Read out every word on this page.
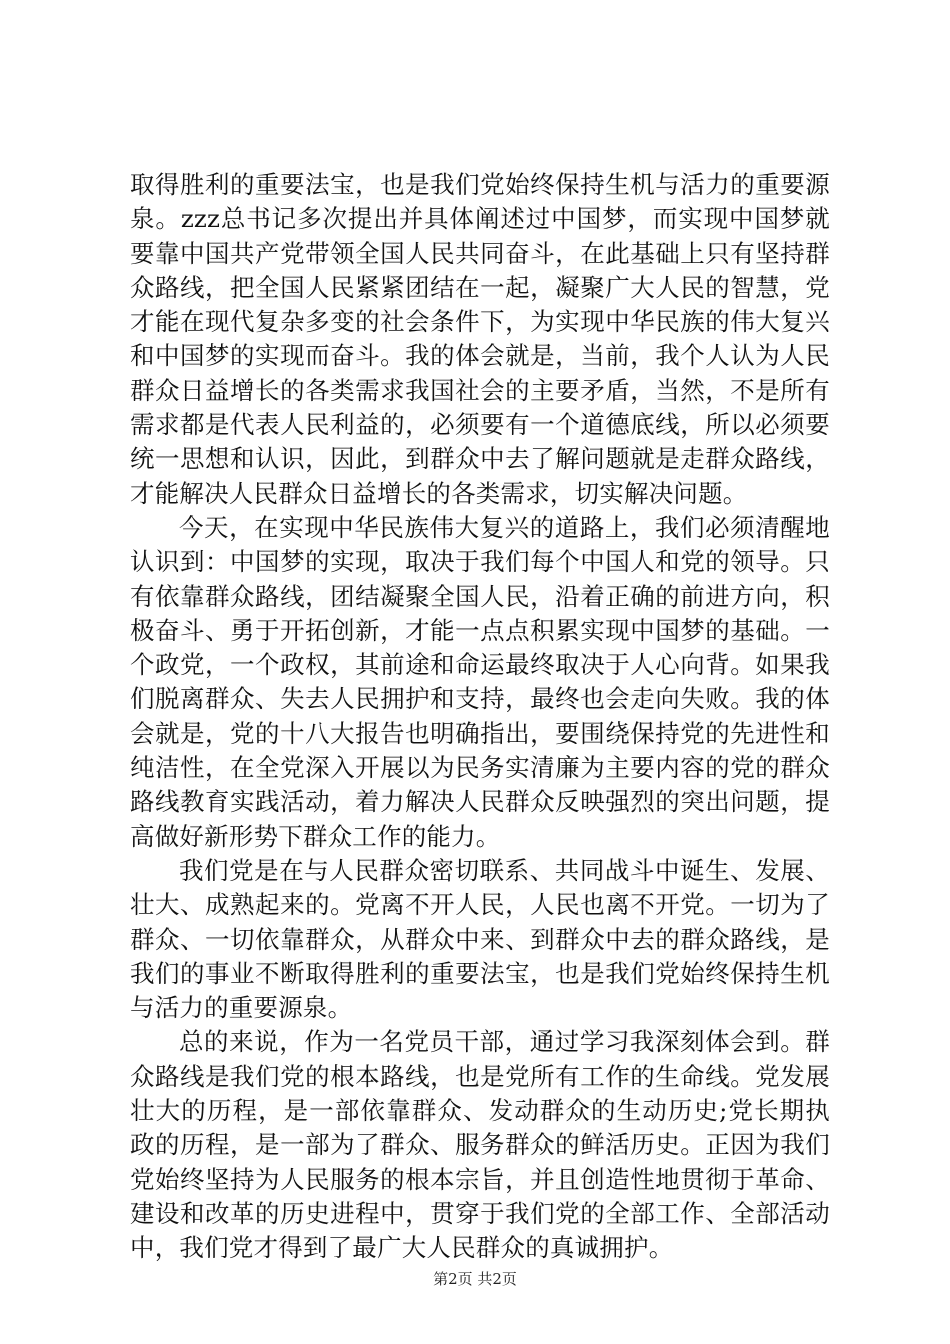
取得胜利的重要法宝，也是我们党始终保持生机与活力的重要源泉。zzz总书记多次提出并具体阐述过中国梦，而实现中国梦就要靠中国共产党带领全国人民共同奋斗，在此基础上只有坚持群众路线，把全国人民紧紧团结在一起，凝聚广大人民的智慧，党才能在现代复杂多变的社会条件下，为实现中华民族的伟大复兴和中国梦的实现而奋斗。我的体会就是，当前，我个人认为人民群众日益增长的各类需求我国社会的主要矛盾，当然，不是所有需求都是代表人民利益的，必须要有一个道德底线，所以必须要统一思想和认识，因此，到群众中去了解问题就是走群众路线，才能解决人民群众日益增长的各类需求，切实解决问题。

今天，在实现中华民族伟大复兴的道路上，我们必须清醒地认识到：中国梦的实现，取决于我们每个中国人和党的领导。只有依靠群众路线，团结凝聚全国人民，沿着正确的前进方向，积极奋斗、勇于开拓创新，才能一点点积累实现中国梦的基础。一个政党，一个政权，其前途和命运最终取决于人心向背。如果我们脱离群众、失去人民拥护和支持，最终也会走向失败。我的体会就是，党的十八大报告也明确指出，要围绕保持党的先进性和纯洁性，在全党深入开展以为民务实清廉为主要内容的党的群众路线教育实践活动，着力解决人民群众反映强烈的突出问题，提高做好新形势下群众工作的能力。

我们党是在与人民群众密切联系、共同战斗中诞生、发展、壮大、成熟起来的。党离不开人民，人民也离不开党。一切为了群众、一切依靠群众，从群众中来、到群众中去的群众路线，是我们的事业不断取得胜利的重要法宝，也是我们党始终保持生机与活力的重要源泉。

总的来说，作为一名党员干部，通过学习我深刻体会到。群众路线是我们党的根本路线，也是党所有工作的生命线。党发展壮大的历程，是一部依靠群众、发动群众的生动历史;党长期执政的历程，是一部为了群众、服务群众的鲜活历史。正因为我们党始终坚持为人民服务的根本宗旨，并且创造性地贯彻于革命、建设和改革的历史进程中，贯穿于我们党的全部工作、全部活动中，我们党才得到了最广大人民群众的真诚拥护。

第2页 共2页
